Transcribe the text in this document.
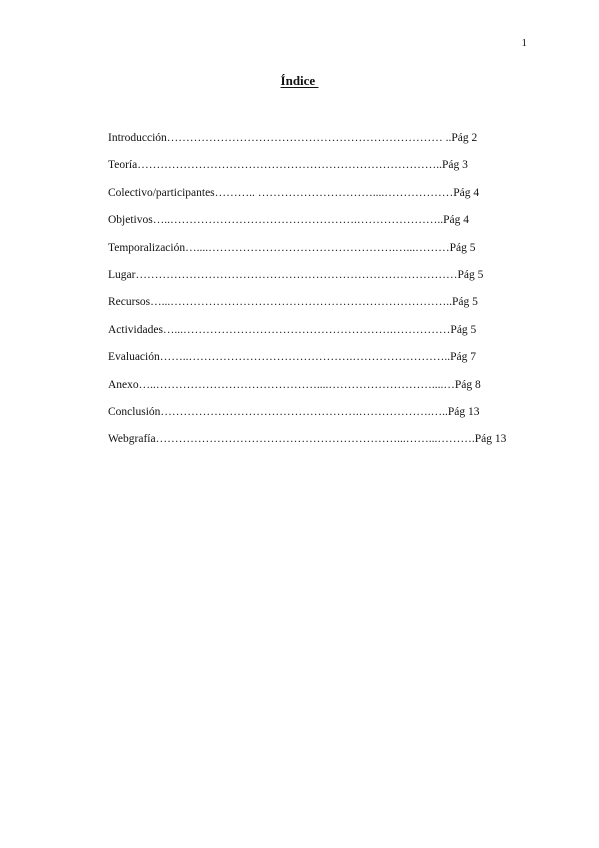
1
Índice
Introducción……………………………………………………………… ..Pág 2
Teoría……………………………………………………………………..Pág 3
Colectivo/participantes……….. …………………………....………………Pág 4
Objetivos…..………………………………………….…………………..Pág 4
Temporalización…....………………………………………….…...………Pág 5
Lugar…………………………………………………………………………Pág 5
Recursos…...………………………………………………………………..Pág 5
Actividades…...……………………………………………….……………Pág 5
Evaluación……..…………………………………….……………………..Pág 7
Anexo…..……………………………………....………………………....…Pág 8
Conclusión…………………………………………….……………….…..Pág 13
Webgrafía………………………………………………………...……...……….Pág 13
